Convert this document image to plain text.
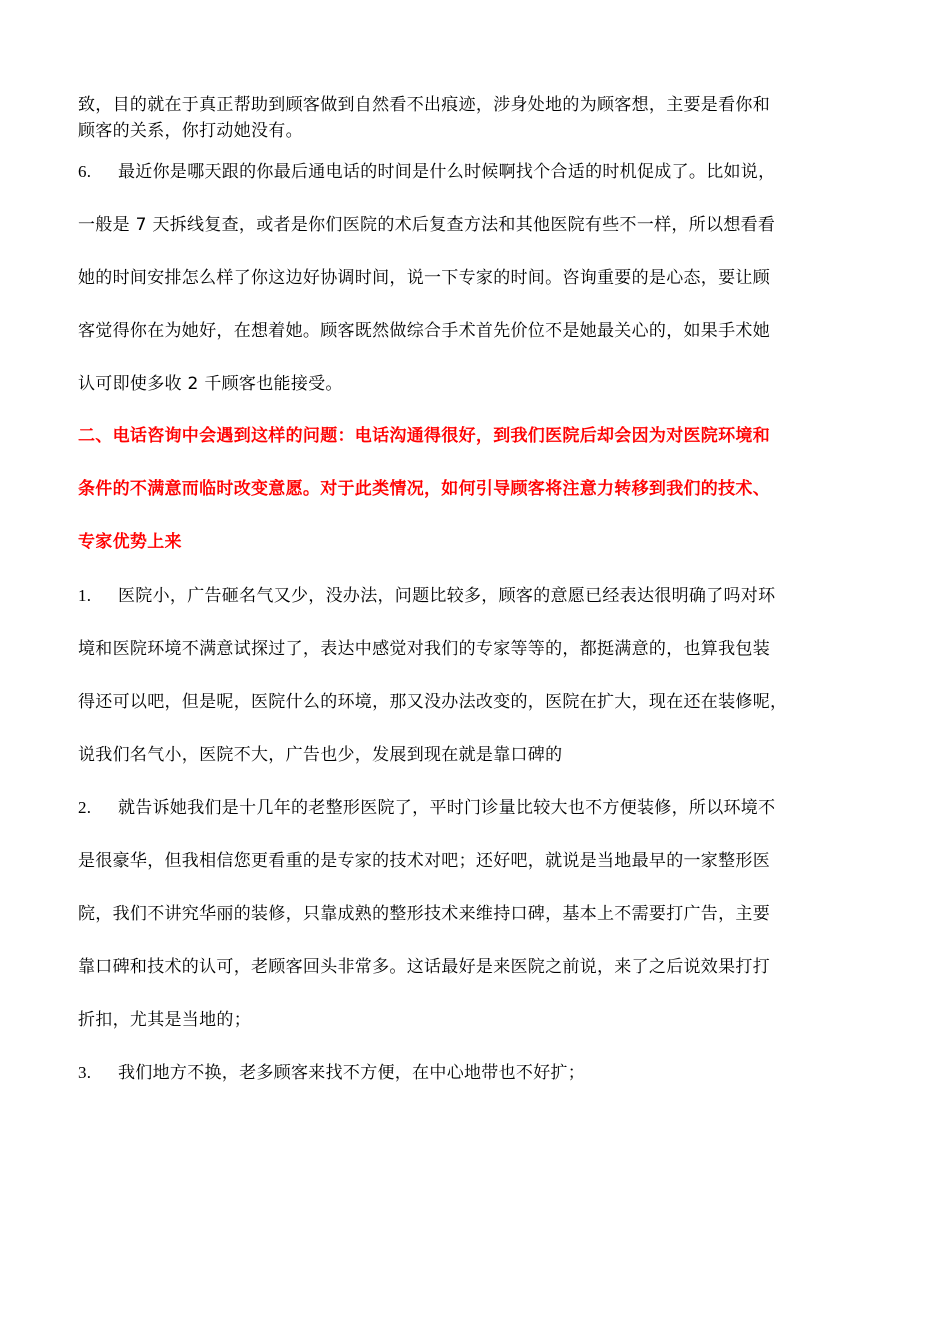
致，目的就在于真正帮助到顾客做到自然看不出痕迹，涉身处地的为顾客想，主要是看你和
顾客的关系，你打动她没有。

6. 最近你是哪天跟的你最后通电话的时间是什么时候啊找个合适的时机促成了。比如说，
一般是 7 天拆线复查，或者是你们医院的术后复查方法和其他医院有些不一样，所以想看看
她的时间安排怎么样了你这边好协调时间，说一下专家的时间。咨询重要的是心态，要让顾
客觉得你在为她好，在想着她。顾客既然做综合手术首先价位不是她最关心的，如果手术她
认可即使多收 2 千顾客也能接受。

二、电话咨询中会遇到这样的问题：电话沟通得很好，到我们医院后却会因为对医院环境和
条件的不满意而临时改变意愿。对于此类情况，如何引导顾客将注意力转移到我们的技术、
专家优势上来

1. 医院小，广告砸名气又少，没办法，问题比较多，顾客的意愿已经表达很明确了吗对环
境和医院环境不满意试探过了，表达中感觉对我们的专家等等的，都挺满意的，也算我包装
得还可以吧，但是呢，医院什么的环境，那又没办法改变的，医院在扩大，现在还在装修呢，
说我们名气小，医院不大，广告也少，发展到现在就是靠口碑的

2. 就告诉她我们是十几年的老整形医院了，平时门诊量比较大也不方便装修，所以环境不
是很豪华，但我相信您更看重的是专家的技术对吧；还好吧，就说是当地最早的一家整形医
院，我们不讲究华丽的装修，只靠成熟的整形技术来维持口碑，基本上不需要打广告，主要
靠口碑和技术的认可，老顾客回头非常多。这话最好是来医院之前说，来了之后说效果打打
折扣，尤其是当地的；

3. 我们地方不换，老多顾客来找不方便，在中心地带也不好扩；
